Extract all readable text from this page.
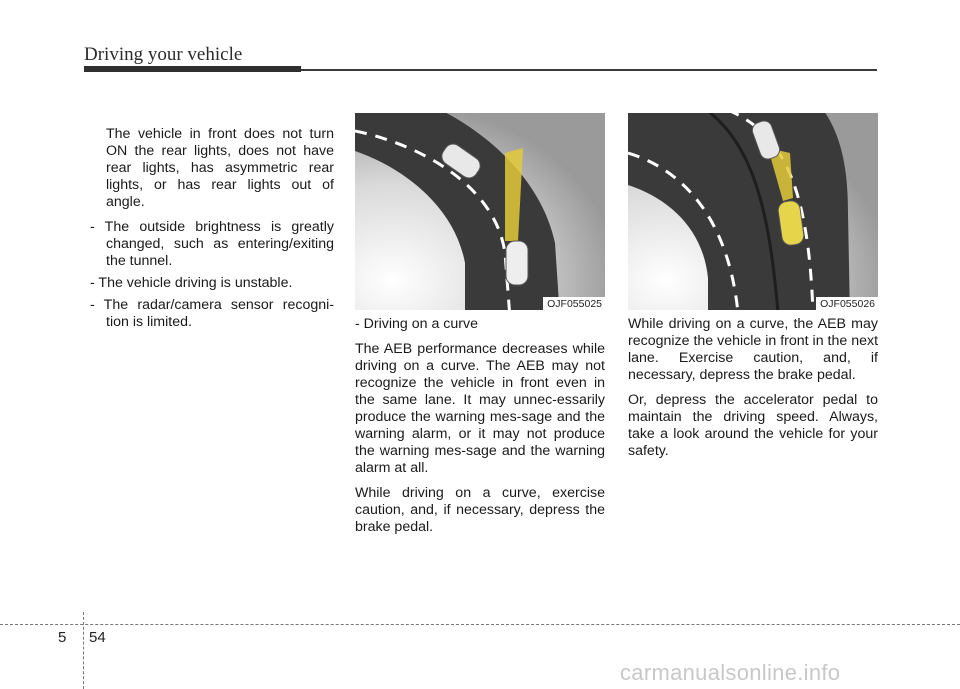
Driving your vehicle

The vehicle in front does not turn ON the rear lights, does not have rear lights, has asymmetric rear lights, or has rear lights out of angle.

- The outside brightness is greatly changed, such as entering/exiting the tunnel.

- The vehicle driving is unstable.

- The radar/camera sensor recogni-tion is limited.

OJF055025	OJF055026

- Driving on a curve

The AEB performance decreases while driving on a curve. The AEB may not recognize the vehicle in front even in the same lane. It may unnec-essarily produce the warning mes-sage and the warning alarm, or it may not produce the warning mes-sage and the warning alarm at all.

While driving on a curve, exercise caution, and, if necessary, depress the brake pedal.

While driving on a curve, the AEB may recognize the vehicle in front in the next lane. Exercise caution, and, if necessary, depress the brake pedal.

Or, depress the accelerator pedal to maintain the driving speed. Always, take a look around the vehicle for your safety.

5 54
carmanualsonline.info
